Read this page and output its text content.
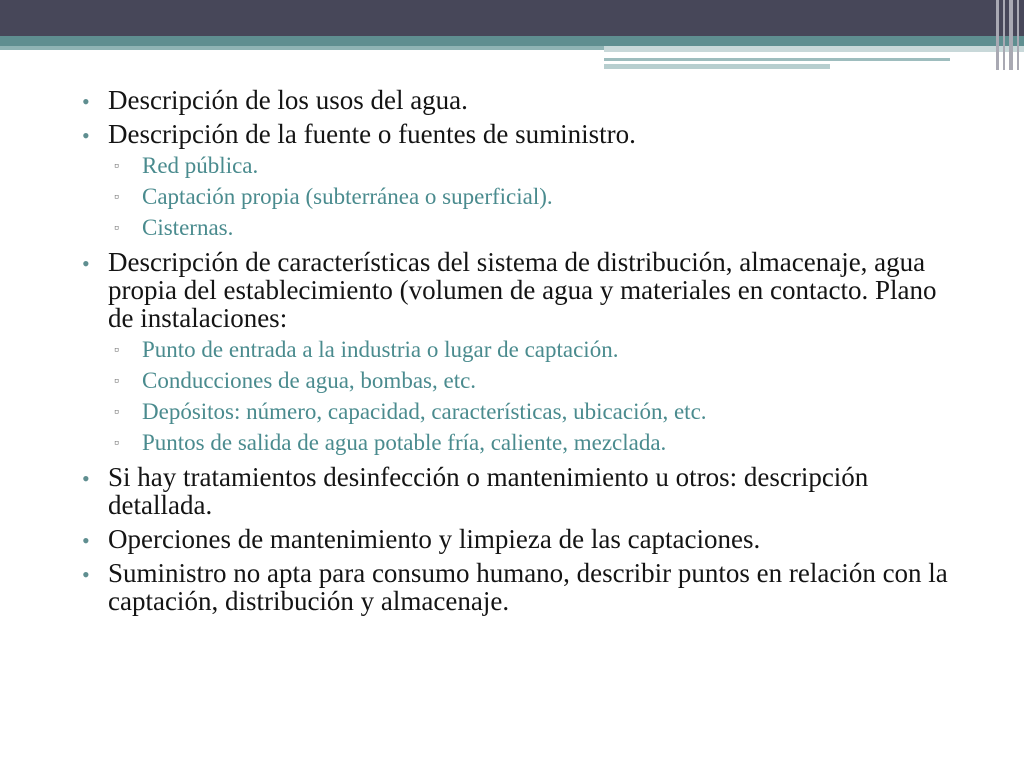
• Descripción de los usos del agua.
• Descripción de la fuente o fuentes de suministro.
▫ Red pública.
▫ Captación propia (subterránea o superficial).
▫ Cisternas.
• Descripción de características del sistema de distribución, almacenaje, agua propia del establecimiento (volumen de agua y materiales en contacto. Plano de instalaciones:
▫ Punto de entrada a la industria o lugar de captación.
▫ Conducciones de agua, bombas, etc.
▫ Depósitos: número, capacidad, características, ubicación, etc.
▫ Puntos de salida de agua potable fría, caliente, mezclada.
• Si hay tratamientos desinfección o mantenimiento u otros: descripción detallada.
• Operciones de mantenimiento y limpieza de las captaciones.
• Suministro no apta para consumo humano, describir puntos en relación con la captación, distribución y almacenaje.
